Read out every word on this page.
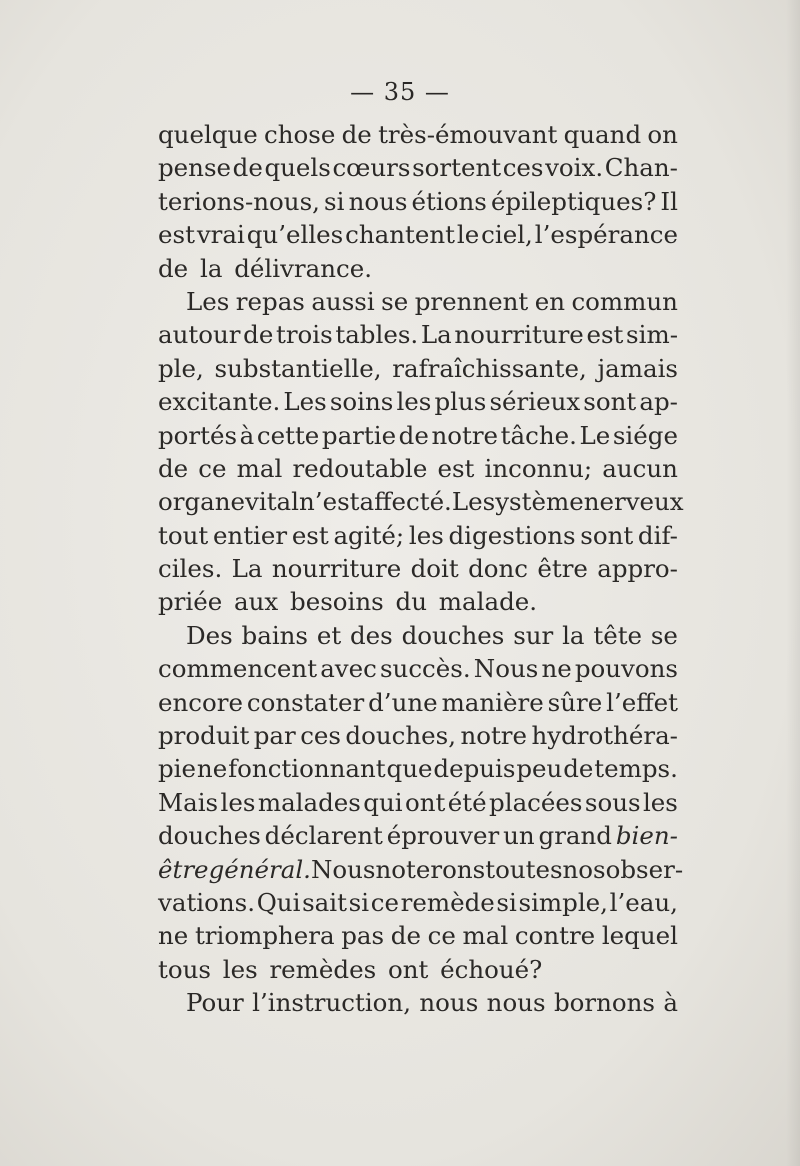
— 35 —
quelque chose de très-émouvant quand on
pense de quels cœurs sortent ces voix. Chan-
terions-nous, si nous étions épileptiques? Il
est vrai qu’elles chantent le ciel, l’espérance
de la délivrance.
Les repas aussi se prennent en commun
autour de trois tables. La nourriture est sim-
ple, substantielle, rafraîchissante, jamais
excitante. Les soins les plus sérieux sont ap-
portés à cette partie de notre tâche. Le siége
de ce mal redoutable est inconnu; aucun
organe vital n’est affecté. Le système nerveux
tout entier est agité; les digestions sont dif-
ciles. La nourriture doit donc être appro-
priée aux besoins du malade.
Des bains et des douches sur la tête se
commencent avec succès. Nous ne pouvons
encore constater d’une manière sûre l’effet
produit par ces douches, notre hydrothéra-
pie ne fonctionnant que depuis peu de temps.
Mais les malades qui ont été placées sous les
douches déclarent éprouver un grand bien-
être général. Nous noterons toutes nos obser-
vations. Qui sait si ce remède si simple, l’eau,
ne triomphera pas de ce mal contre lequel
tous les remèdes ont échoué?
Pour l’instruction, nous nous bornons à
